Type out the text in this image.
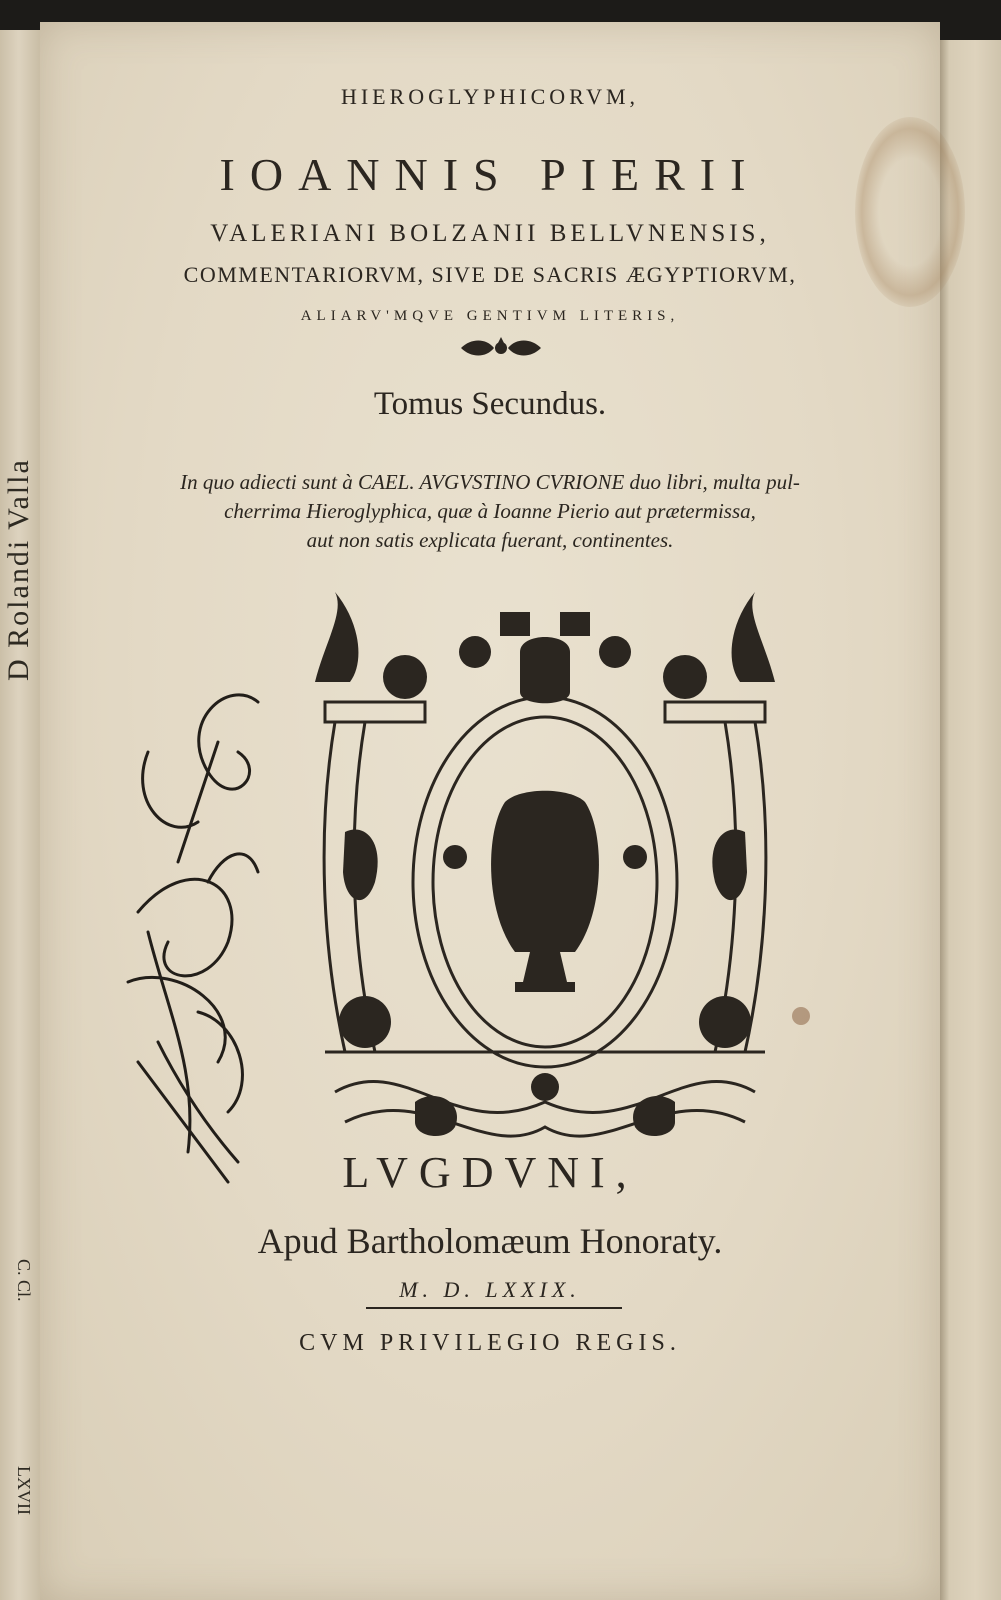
D Rolandi Valla
C. Cl.
LXVII
HIEROGLYPHICORVM,
IOANNIS PIERII
VALERIANI BOLZANII BELLVNENSIS,
COMMENTARIORVM, SIVE DE SACRIS ÆGYPTIORVM,
ALIARV'MQVE GENTIVM LITERIS,
Tomus Secundus.
In quo adiecti sunt à CAEL. AVGVSTINO CVRIONE duo libri, multa pul-
cherrima Hieroglyphica, quæ à Ioanne Pierio aut prætermissa,
aut non satis explicata fuerant, continentes.
LVGDVNI,
Apud Bartholomæum Honoraty.
M. D. LXXIX.
CVM PRIVILEGIO REGIS.
